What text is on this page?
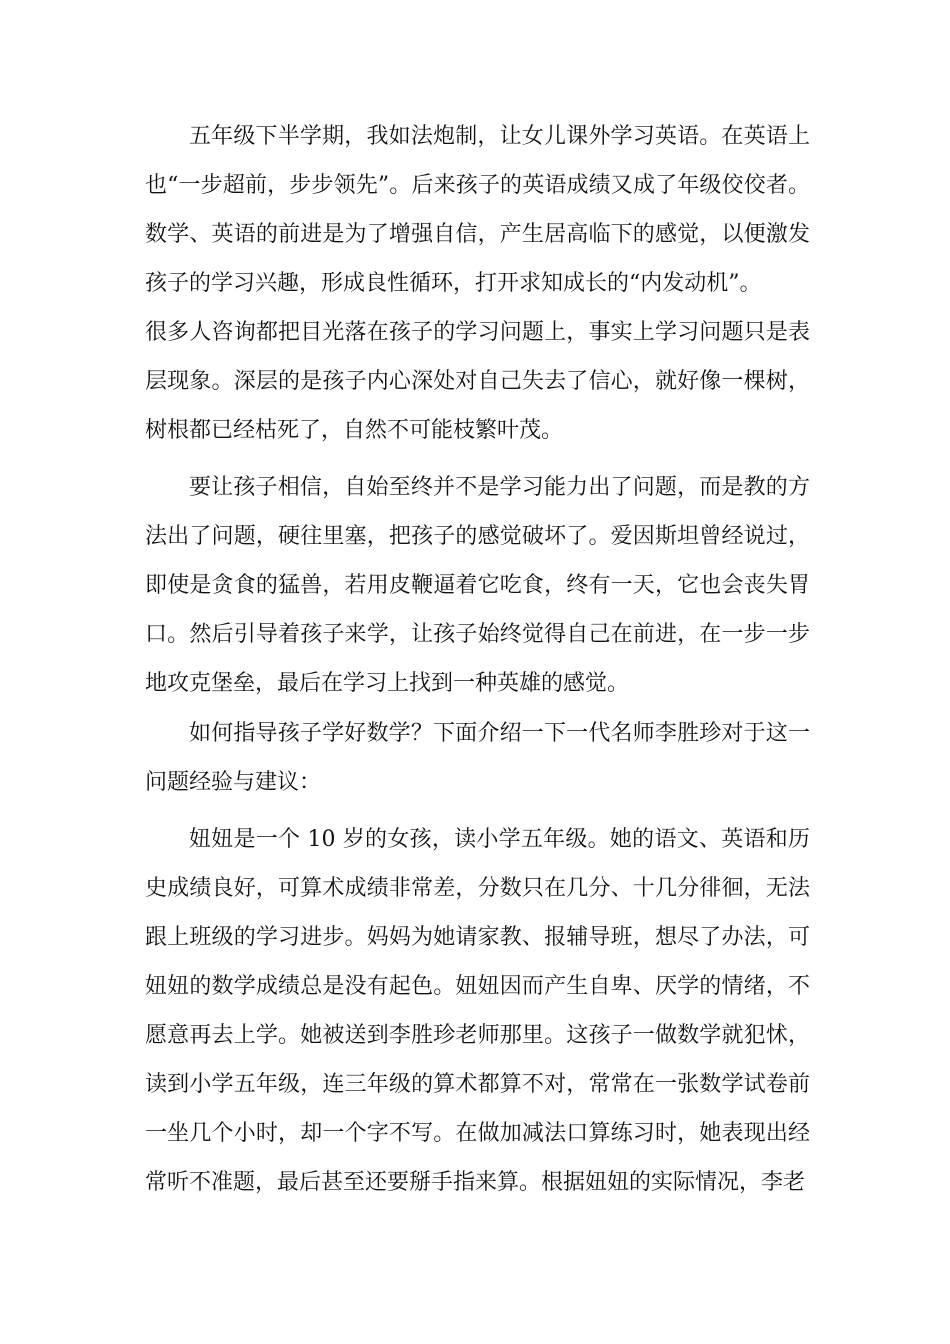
五年级下半学期，我如法炮制，让女儿课外学习英语。在英语上也“一步超前，步步领先”。后来孩子的英语成绩又成了年级佼佼者。数学、英语的前进是为了增强自信，产生居高临下的感觉，以便激发孩子的学习兴趣，形成良性循环，打开求知成长的“内发动机”。

很多人咨询都把目光落在孩子的学习问题上，事实上学习问题只是表层现象。深层的是孩子内心深处对自己失去了信心，就好像一棵树，树根都已经枯死了，自然不可能枝繁叶茂。

要让孩子相信，自始至终并不是学习能力出了问题，而是教的方法出了问题，硬往里塞，把孩子的感觉破坏了。爱因斯坦曾经说过，即使是贪食的猛兽，若用皮鞭逼着它吃食，终有一天，它也会丧失胃口。然后引导着孩子来学，让孩子始终觉得自己在前进，在一步一步地攻克堡垒，最后在学习上找到一种英雄的感觉。

如何指导孩子学好数学？下面介绍一下一代名师李胜珍对于这一问题经验与建议：

妞妞是一个 10 岁的女孩，读小学五年级。她的语文、英语和历史成绩良好，可算术成绩非常差，分数只在几分、十几分徘徊，无法跟上班级的学习进步。妈妈为她请家教、报辅导班，想尽了办法，可妞妞的数学成绩总是没有起色。妞妞因而产生自卑、厌学的情绪，不愿意再去上学。她被送到李胜珍老师那里。这孩子一做数学就犯怵，读到小学五年级，连三年级的算术都算不对，常常在一张数学试卷前一坐几个小时，却一个字不写。在做加减法口算练习时，她表现出经常听不准题，最后甚至还要掰手指来算。根据妞妞的实际情况，李老
